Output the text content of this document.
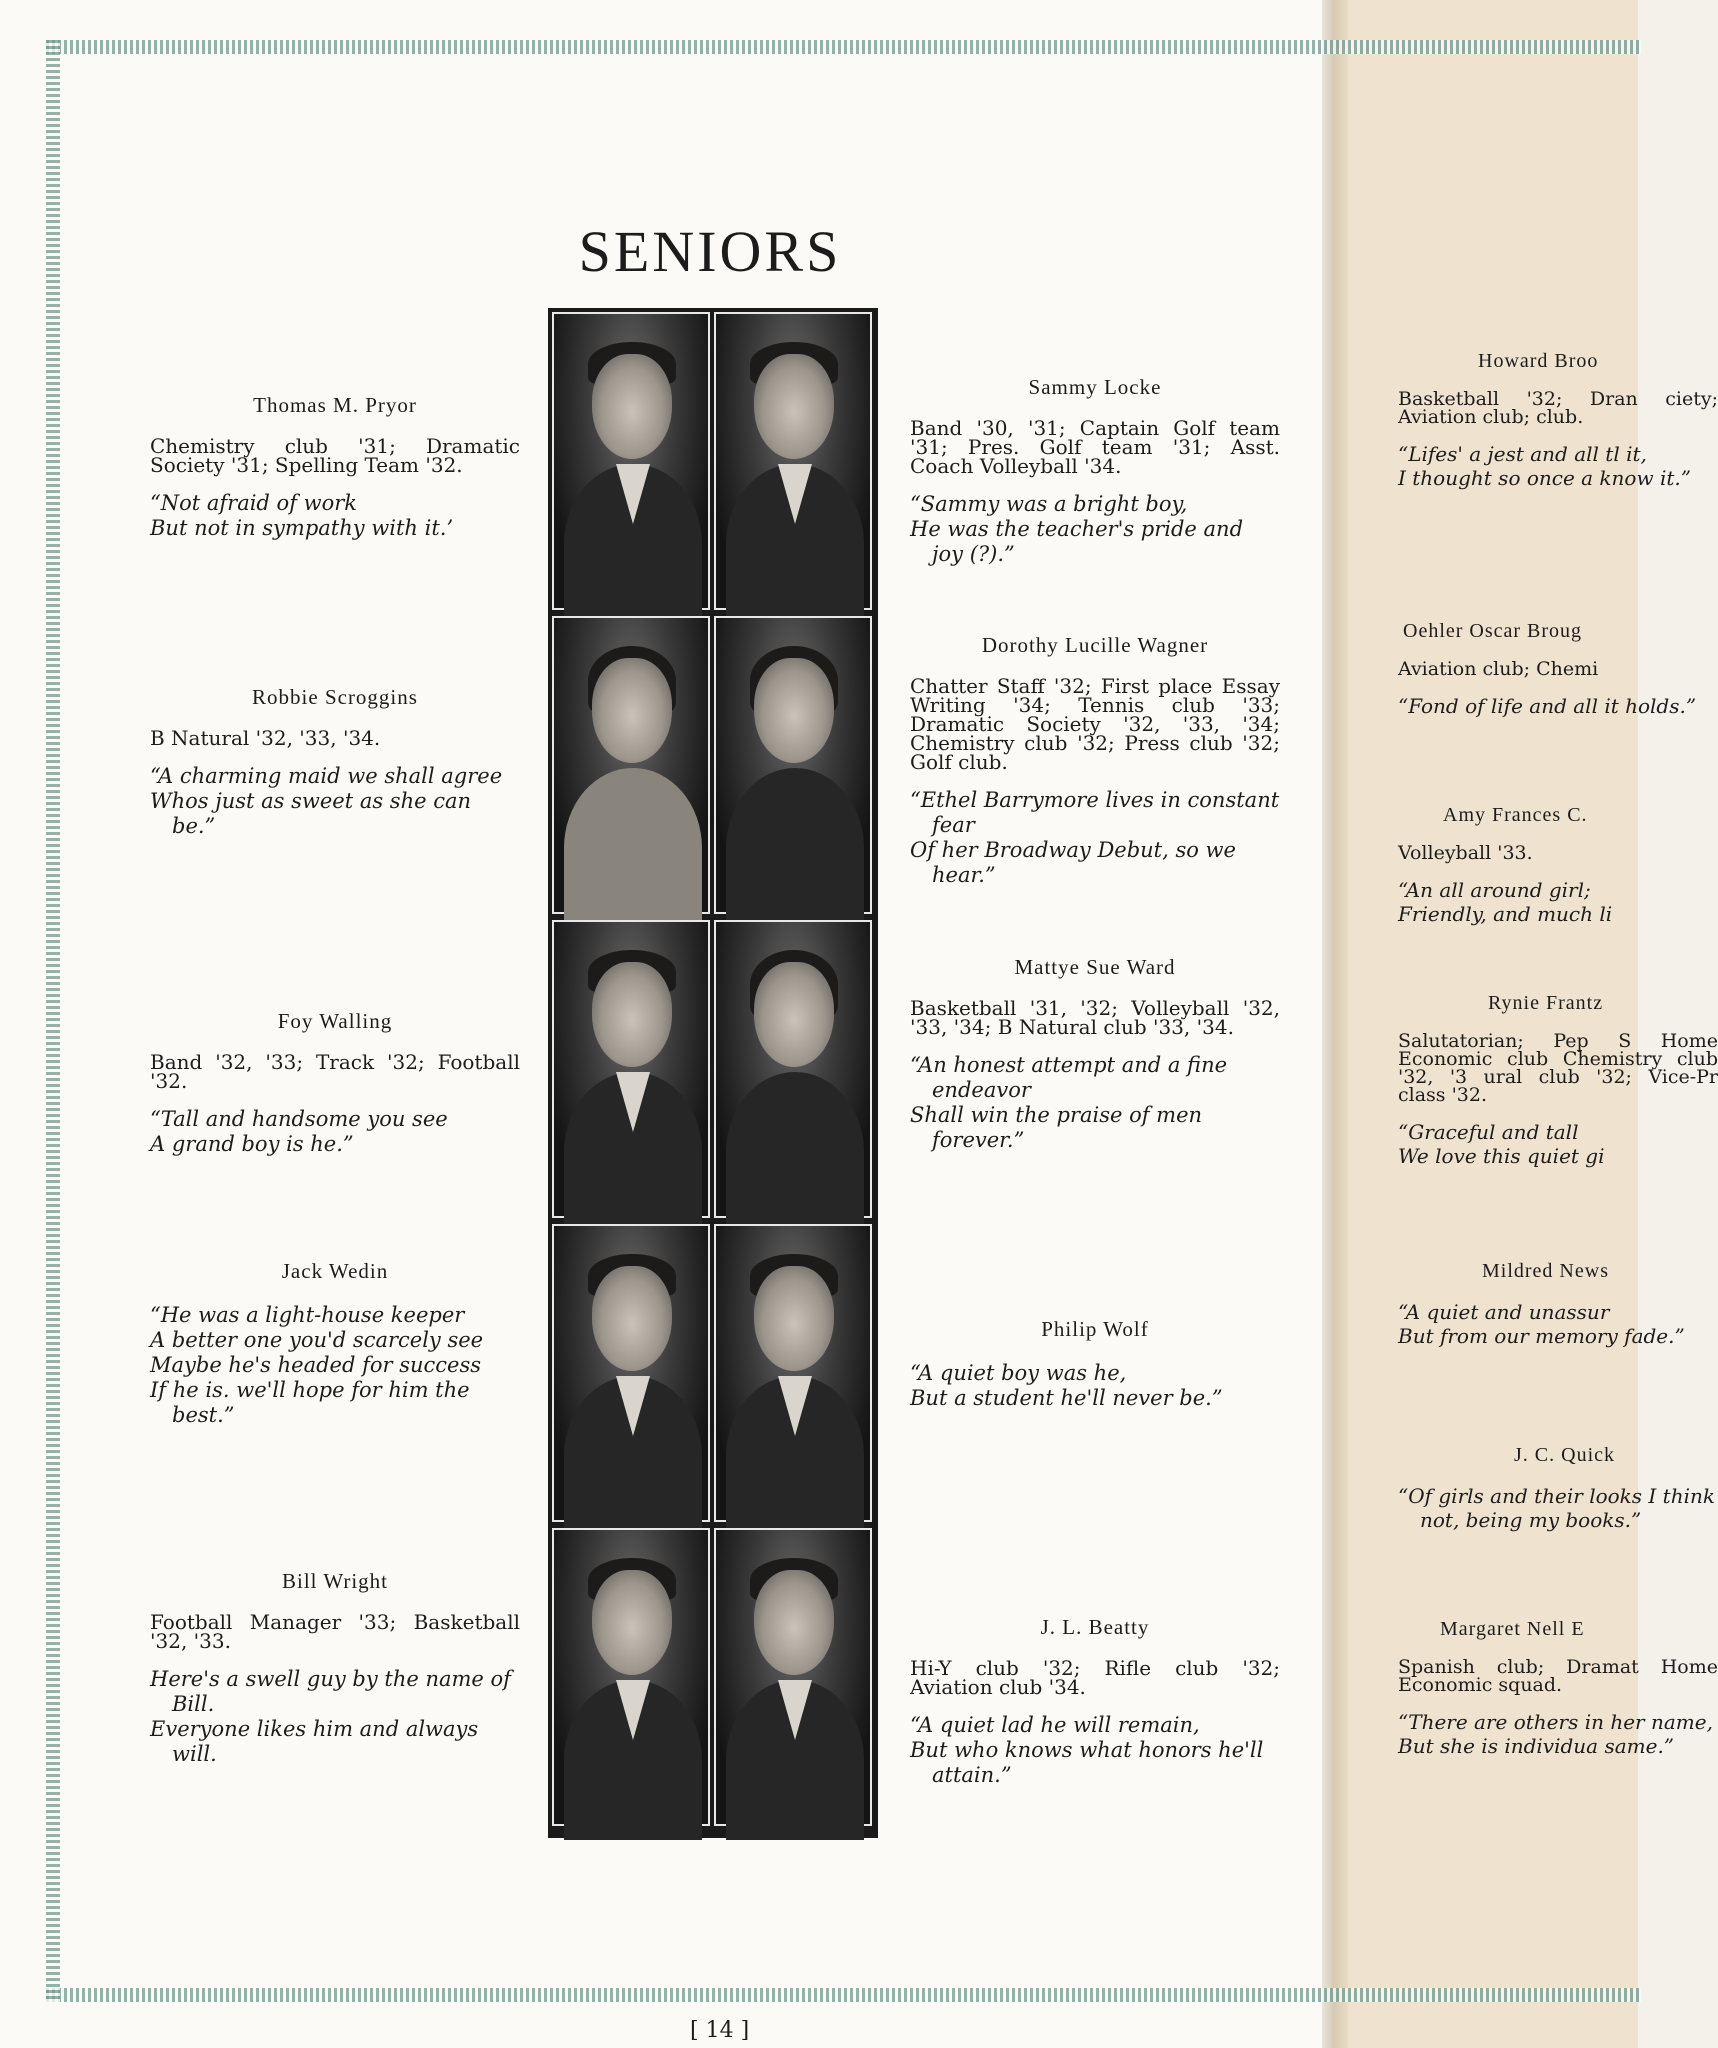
SENIORS
Thomas M. Pryor
Chemistry club '31; Dramatic Society '31; Spelling Team '32.
“Not afraid of work
But not in sympathy with it.’
Robbie Scroggins
B Natural '32, '33, '34.
“A charming maid we shall agree
Whos just as sweet as she can be.”
Foy Walling
Band '32, '33; Track '32; Football '32.
“Tall and handsome you see
A grand boy is he.”
Jack Wedin
“He was a light-house keeper
A better one you'd scarcely see
Maybe he's headed for success
If he is. we'll hope for him the best.”
Bill Wright
Football Manager '33; Basketball '32, '33.
Here's a swell guy by the name of Bill.
Everyone likes him and always will.
Sammy Locke
Band '30, '31; Captain Golf team '31; Pres. Golf team '31; Asst. Coach Volleyball '34.
“Sammy was a bright boy,
He was the teacher's pride and joy (?).”
Dorothy Lucille Wagner
Chatter Staff '32; First place Essay Writing '34; Tennis club '33; Dramatic Society '32, '33, '34; Chemistry club '32; Press club '32; Golf club.
“Ethel Barrymore lives in constant fear
Of her Broadway Debut, so we hear.”
Mattye Sue Ward
Basketball '31, '32; Volleyball '32, '33, '34; B Natural club '33, '34.
“An honest attempt and a fine endeavor
Shall win the praise of men forever.”
Philip Wolf
“A quiet boy was he,
But a student he'll never be.”
J. L. Beatty
Hi-Y club '32; Rifle club '32; Aviation club '34.
“A quiet lad he will remain,
But who knows what honors he'll attain.”
Howard Broo
Basketball '32; Dran ciety; Aviation club; club.
“Lifes' a jest and all tl it,
I thought so once a know it.”
Oehler Oscar Broug
Aviation club; Chemi
“Fond of life and all it holds.”
Amy Frances C.
Volleyball '33.
“An all around girl;
Friendly, and much li
Rynie Frantz
Salutatorian; Pep S Home Economic club Chemistry club '32, '3 ural club '32; Vice-Pr class '32.
“Graceful and tall
We love this quiet gi
Mildred News
“A quiet and unassur
But from our memory fade.”
J. C. Quick
“Of girls and their looks I think not, being my books.”
Margaret Nell E
Spanish club; Dramat Home Economic squad.
“There are others in her name,
But she is individua same.”
[ 14 ]
